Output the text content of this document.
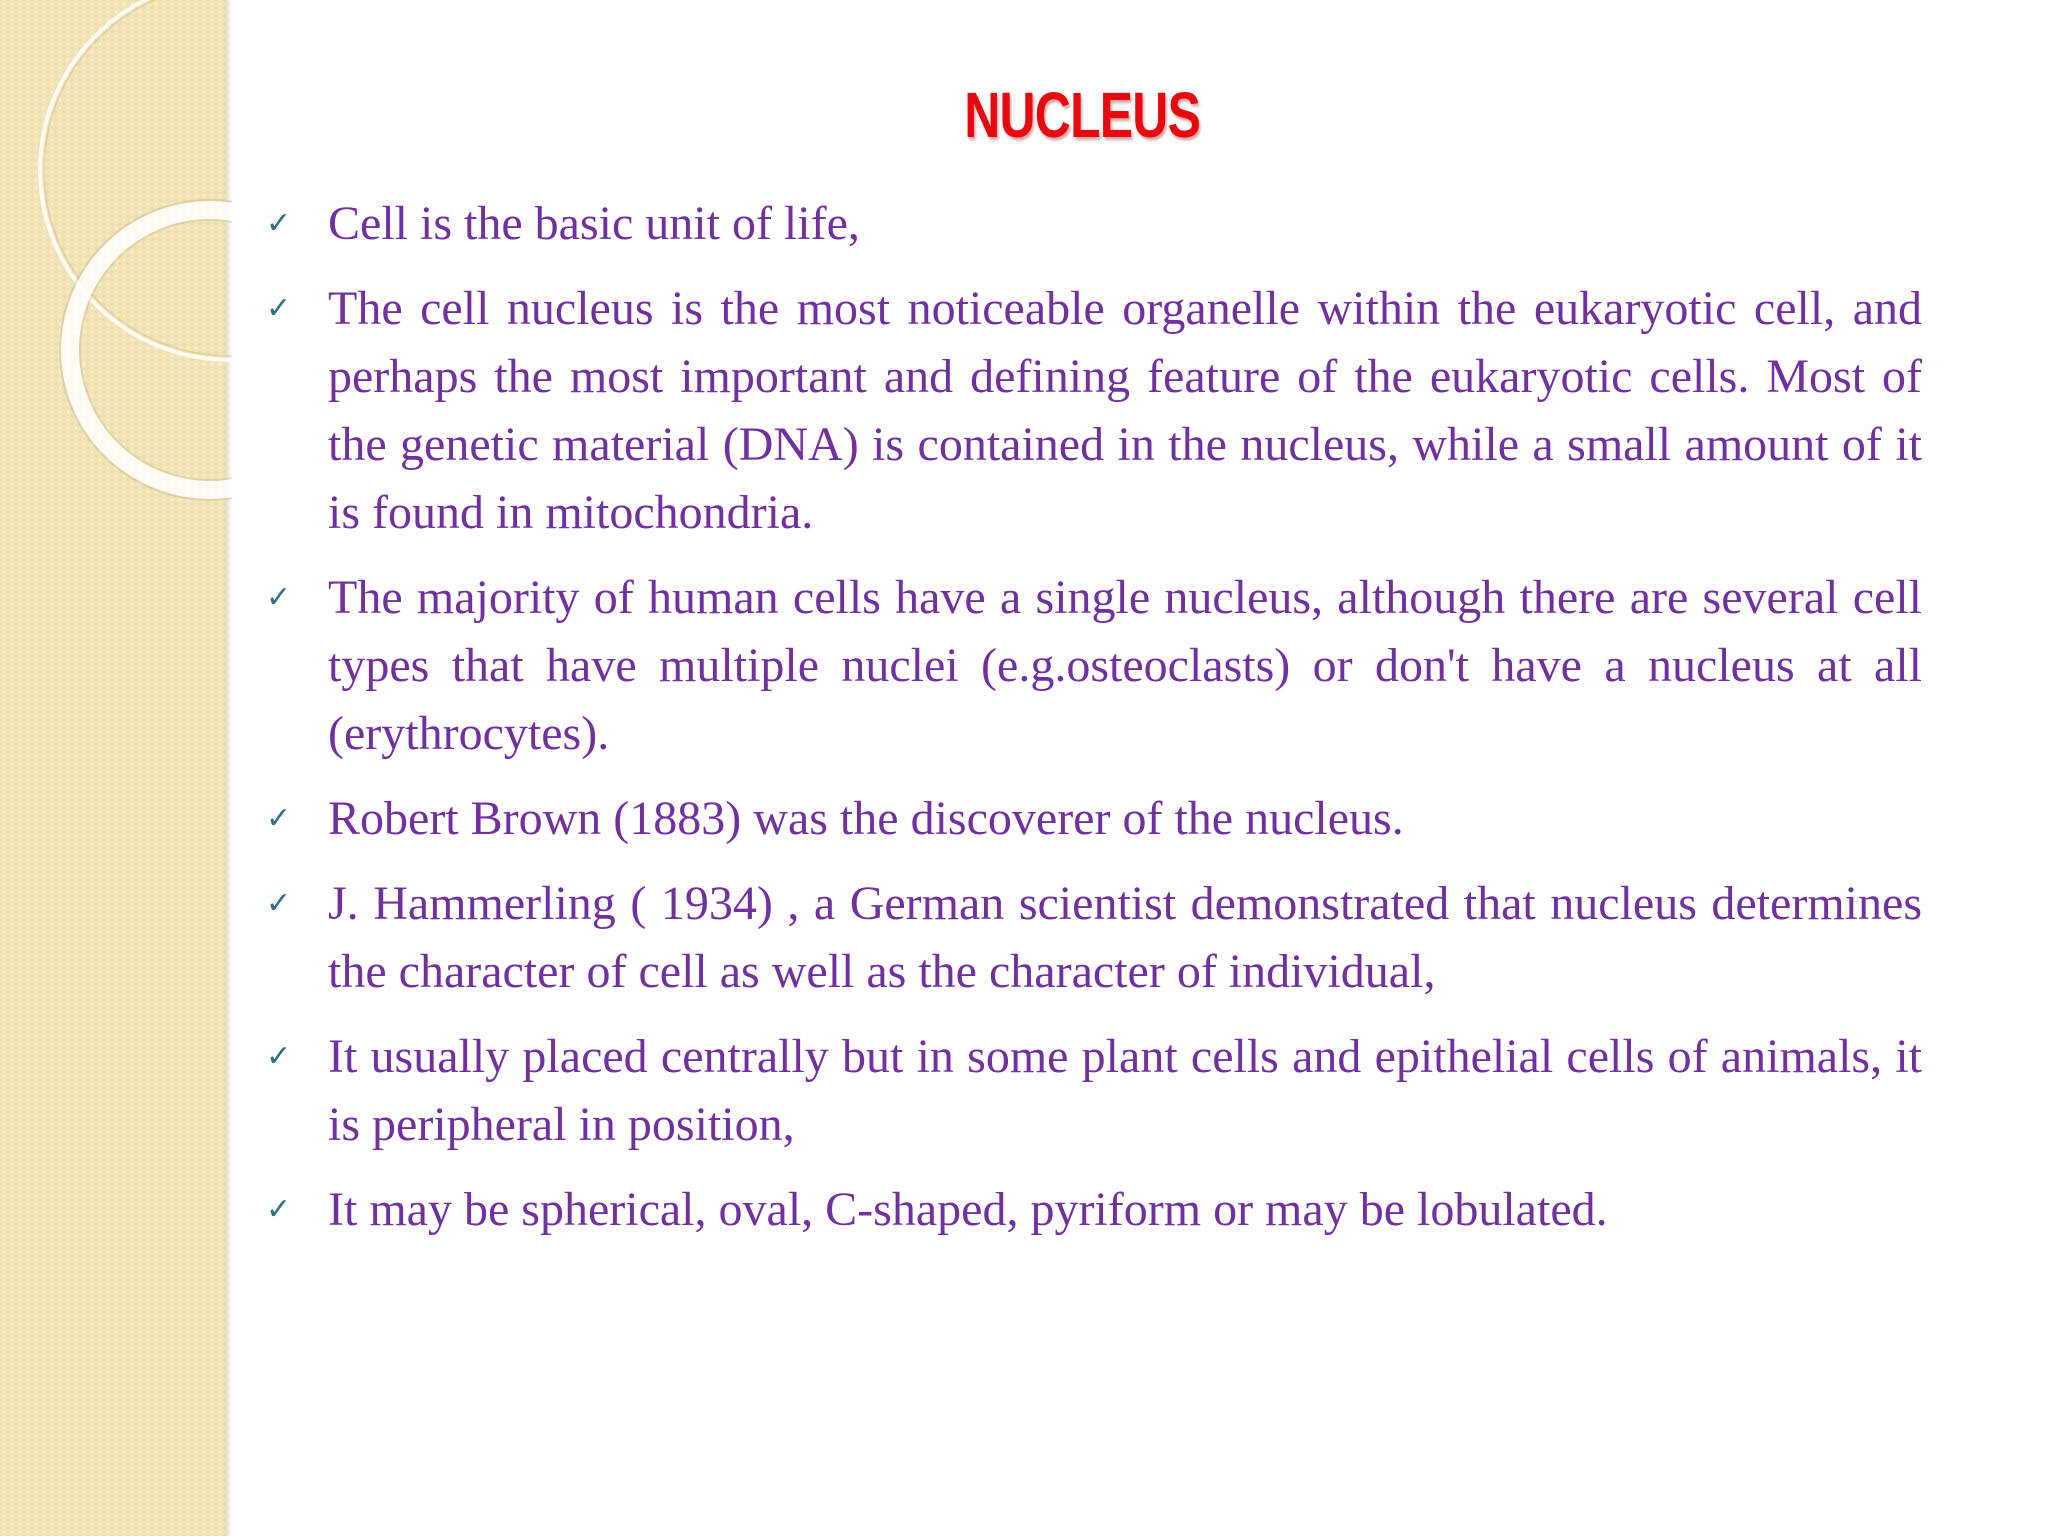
NUCLEUS
✓ Cell is the basic unit of life,
✓ The cell nucleus is the most noticeable organelle within the eukaryotic cell, and perhaps the most important and defining feature of the eukaryotic cells. Most of the genetic material (DNA) is contained in the nucleus, while a small amount of it is found in mitochondria.
✓ The majority of human cells have a single nucleus, although there are several cell types that have multiple nuclei (e.g.osteoclasts) or don't have a nucleus at all (erythrocytes).
✓ Robert Brown (1883) was the discoverer of the nucleus.
✓ J. Hammerling ( 1934) , a German scientist demonstrated that nucleus determines the character of cell as well as the character of individual,
✓ It usually placed centrally but in some plant cells and epithelial cells of animals, it is peripheral in position,
✓ It may be spherical, oval, C-shaped, pyriform or may be lobulated.
